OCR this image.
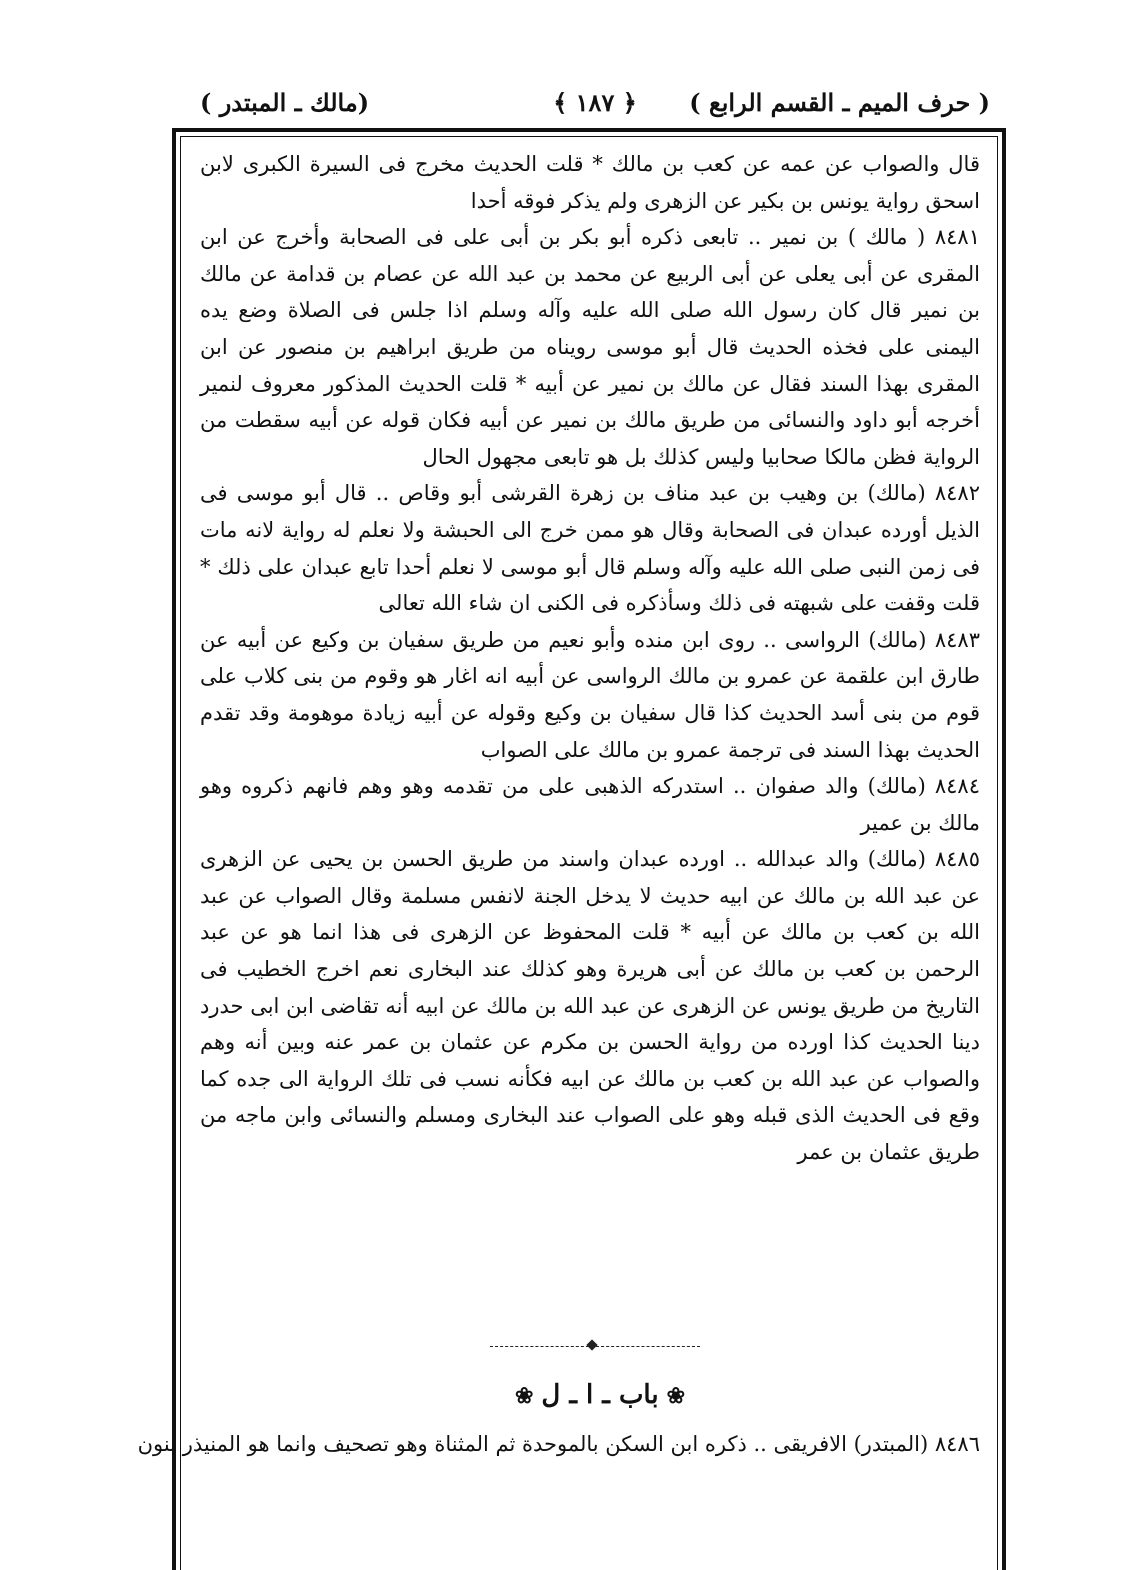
( حرف الميم ـ القسم الرابع )
﴿ ١٨٧ ﴾
(مالك ـ المبتدر )

قال والصواب عن عمه عن كعب بن مالك * قلت الحديث مخرج فى السيرة الكبرى لابن اسحق رواية يونس بن بكير عن الزهرى ولم يذكر فوقه أحدا

٨٤٨١ ( مالك ) بن نمير .. تابعى ذكره أبو بكر بن أبى على فى الصحابة وأخرج عن ابن المقرى عن أبى يعلى عن أبى الربيع عن محمد بن عبد الله عن عصام بن قدامة عن مالك بن نمير قال كان رسول الله صلى الله عليه وآله وسلم اذا جلس فى الصلاة وضع يده اليمنى على فخذه الحديث قال أبو موسى رويناه من طريق ابراهيم بن منصور عن ابن المقرى بهذا السند فقال عن مالك بن نمير عن أبيه * قلت الحديث المذكور معروف لنمير أخرجه أبو داود والنسائى من طريق مالك بن نمير عن أبيه فكان قوله عن أبيه سقطت من الرواية فظن مالكا صحابيا وليس كذلك بل هو تابعى مجهول الحال

٨٤٨٢ (مالك) بن وهيب بن عبد مناف بن زهرة القرشى أبو وقاص .. قال أبو موسى فى الذيل أورده عبدان فى الصحابة وقال هو ممن خرج الى الحبشة ولا نعلم له رواية لانه مات فى زمن النبى صلى الله عليه وآله وسلم قال أبو موسى لا نعلم أحدا تابع عبدان على ذلك * قلت وقفت على شبهته فى ذلك وسأذكره فى الكنى ان شاء الله تعالى

٨٤٨٣ (مالك) الرواسى .. روى ابن منده وأبو نعيم من طريق سفيان بن وكيع عن أبيه عن طارق ابن علقمة عن عمرو بن مالك الرواسى عن أبيه انه اغار هو وقوم من بنى كلاب على قوم من بنى أسد الحديث كذا قال سفيان بن وكيع وقوله عن أبيه زيادة موهومة وقد تقدم الحديث بهذا السند فى ترجمة عمرو بن مالك على الصواب

٨٤٨٤ (مالك) والد صفوان .. استدركه الذهبى على من تقدمه وهو وهم فانهم ذكروه وهو مالك بن عمير

٨٤٨٥ (مالك) والد عبدالله .. اورده عبدان واسند من طريق الحسن بن يحيى عن الزهرى عن عبد الله بن مالك عن ابيه حديث لا يدخل الجنة لانفس مسلمة وقال الصواب عن عبد الله بن كعب بن مالك عن أبيه * قلت المحفوظ عن الزهرى فى هذا انما هو عن عبد الرحمن بن كعب بن مالك عن أبى هريرة وهو كذلك عند البخارى نعم اخرج الخطيب فى التاريخ من طريق يونس عن الزهرى عن عبد الله بن مالك عن ابيه أنه تقاضى ابن ابى حدرد دينا الحديث كذا اورده من رواية الحسن بن مكرم عن عثمان بن عمر عنه وبين أنه وهم والصواب عن عبد الله بن كعب بن مالك عن ابيه فكأنه نسب فى تلك الرواية الى جده كما وقع فى الحديث الذى قبله وهو على الصواب عند البخارى ومسلم والنسائى وابن ماجه من طريق عثمان بن عمر

❀باب ـ ا ـ ل❀
٨٤٨٦ (المبتدر) الافريقى .. ذكره ابن السكن بالموحدة ثم المثناة وهو تصحيف وانما هو المنيذر بنون
